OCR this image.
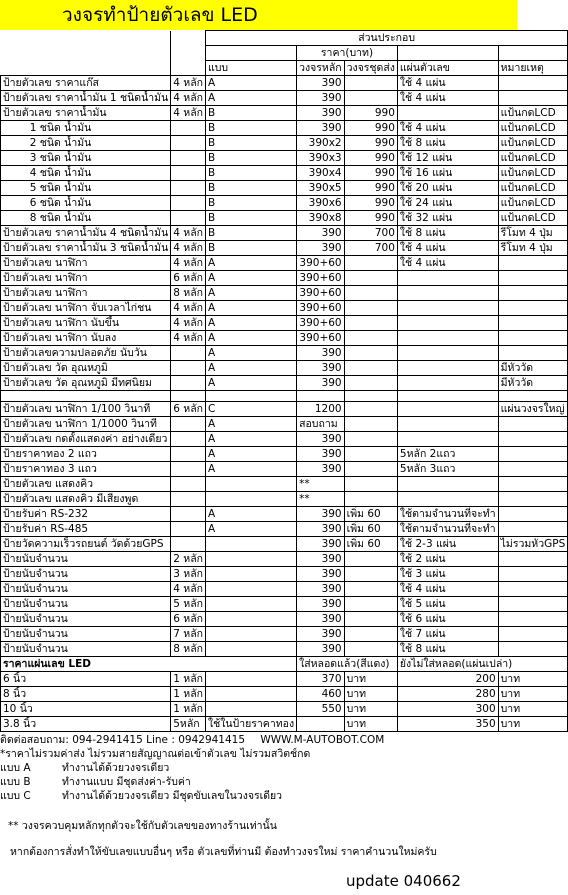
วงจรทำป้ายตัวเลข LED
		ส่วนประกอบ				
			ราคา(บาท)			
		แบบ	วงจรหลัก	วงจรชุดส่ง	แผ่นตัวเลข	หมายเหตุ
ป้ายตัวเลข ราคาแก๊ส	4 หลัก	A	390		ใช้ 4 แผ่น	
ป้ายตัวเลข ราคาน้ำมัน 1 ชนิดน้ำมัน	4 หลัก	A	390		ใช้ 4 แผ่น	
ป้ายตัวเลข ราคาน้ำมัน	4 หลัก	B	390	990		แป้นกดLCD
1 ชนิด น้ำมัน		B	390	990	ใช้ 4 แผ่น	แป้นกดLCD
2 ชนิด น้ำมัน		B	390x2	990	ใช้ 8 แผ่น	แป้นกดLCD
3 ชนิด น้ำมัน		B	390x3	990	ใช้ 12 แผ่น	แป้นกดLCD
4 ชนิด น้ำมัน		B	390x4	990	ใช้ 16 แผ่น	แป้นกดLCD
5 ชนิด น้ำมัน		B	390x5	990	ใช้ 20 แผ่น	แป้นกดLCD
6 ชนิด น้ำมัน		B	390x6	990	ใช้ 24 แผ่น	แป้นกดLCD
8 ชนิด น้ำมัน		B	390x8	990	ใช้ 32 แผ่น	แป้นกดLCD
ป้ายตัวเลข ราคาน้ำมัน 4 ชนิดน้ำมัน	4 หลัก	B	390	700	ใช้ 8 แผ่น	รีโมท 4 ปุ่ม
ป้ายตัวเลข ราคาน้ำมัน 3 ชนิดน้ำมัน	4 หลัก	B	390	700	ใช้ 4 แผ่น	รีโมท 4 ปุ่ม
ป้ายตัวเลข นาฬิกา	4 หลัก	A	390+60		ใช้ 4 แผ่น	
ป้ายตัวเลข นาฬิกา	6 หลัก	A	390+60			
ป้ายตัวเลข นาฬิกา	8 หลัก	A	390+60			
ป้ายตัวเลข นาฬิกา จับเวลาไก่ชน	4 หลัก	A	390+60			
ป้ายตัวเลข นาฬิกา นับขึ้น	4 หลัก	A	390+60			
ป้ายตัวเลข นาฬิกา นับลง	4 หลัก	A	390+60			
ป้ายตัวเลขความปลอดภัย นับวัน		A	390			
ป้ายตัวเลข วัด อุณหภูมิ		A	390			มีหัววัด
ป้ายตัวเลข วัด อุณหภูมิ มีทศนิยม		A	390			มีหัววัด

ป้ายตัวเลข นาฬิกา 1/100 วินาที	6 หลัก	C	1200			แผ่นวงจรใหญ่
ป้ายตัวเลข นาฬิกา 1/1000 วินาที		A	สอบถาม			
ป้ายตัวเลข กดตั้งแสดงค่า อย่างเดียว		A	390			
ป้ายราคาทอง 2 แถว		A	390		5หลัก 2แถว	
ป้ายราคาทอง 3 แถว		A	390		5หลัก 3แถว	
ป้ายตัวเลข แสดงคิว			**			
ป้ายตัวเลข แสดงคิว มีเสียงพูด			**			
ป้ายรับค่า RS-232		A	390	เพิ่ม 60	ใช้ตามจำนวนที่จะทำ	
ป้ายรับค่า RS-485		A	390	เพิ่ม 60	ใช้ตามจำนวนที่จะทำ	
ป้ายวัดความเร็วรถยนต์ วัดด้วยGPS			390	เพิ่ม 60	ใช้ 2-3 แผ่น	ไม่รวมหัวGPS
ป้ายนับจำนวน	2 หลัก		390		ใช้ 2 แผ่น	
ป้ายนับจำนวน	3 หลัก		390		ใช้ 3 แผ่น	
ป้ายนับจำนวน	4 หลัก		390		ใช้ 4 แผ่น	
ป้ายนับจำนวน	5 หลัก		390		ใช้ 5 แผ่น	
ป้ายนับจำนวน	6 หลัก		390		ใช้ 6 แผ่น	
ป้ายนับจำนวน	7 หลัก		390		ใช้ 7 แผ่น	
ป้ายนับจำนวน	8 หลัก		390		ใช้ 8 แผ่น	
ราคาแผ่นเลข LED			ใส่หลอดแล้ว(สีแดง)		ยังไม่ใส่หลอด(แผ่นเปล่า)	
6 นิ้ว	1 หลัก		370	บาท	200	บาท
8 นิ้ว	1 หลัก		460	บาท	280	บาท
10 นิ้ว	1 หลัก		550	บาท	300	บาท
3.8 นิ้ว	5หลัก	ใช้ในป้ายราคาทอง		บาท	350	บาท
ติดต่อสอบถาม: 094-2941415 Line : 0942941415 WWW.M-AUTOBOT.COM
*ราคาไม่รวมค่าส่ง ไม่รวมสายสัญญาณต่อเข้าตัวเลข ไม่รวมสวิตช์กด
แบบ A	ทำงานได้ด้วยวงจรเดียว
แบบ B	ทำงานแบบ มีชุดส่งค่า-รับค่า
แบบ C	ทำงานได้ด้วยวงจรเดียว มีชุดขับเลขในวงจรเดียว
** วงจรควบคุมหลักทุกตัวจะใช้กับตัวเลขของทางร้านเท่านั้น
หากต้องการสั่งทำให้ขับเลขแบบอื่นๆ หรือ ตัวเลขที่ท่านมี ต้องทำวงจรใหม่ ราคาคำนวนใหม่ครับ
update 040662
